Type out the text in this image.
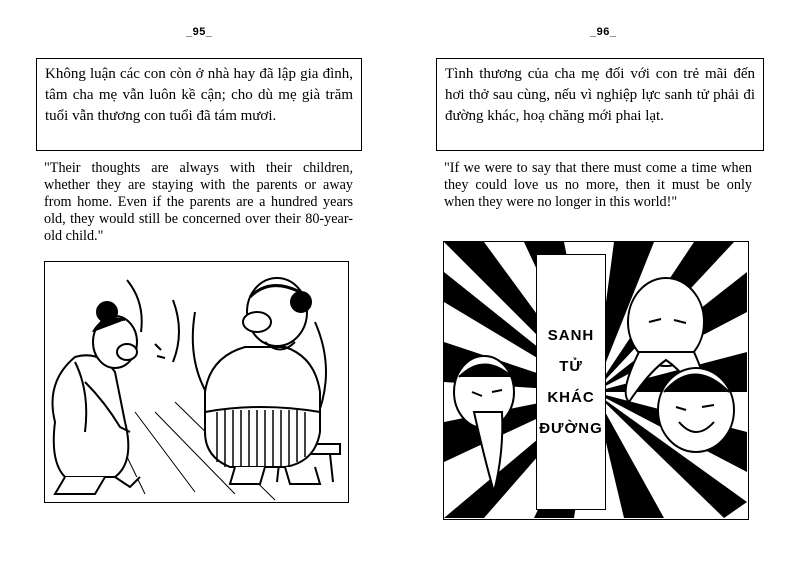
_95_
Không luận các con còn ở nhà hay đã lập gia đình, tâm cha mẹ vẫn luôn kề cận; cho dù mẹ già trăm tuổi vẫn thương con tuổi đã tám mươi.
"Their thoughts are always with their children, whether they are staying with the parents or away from home. Even if the parents are a hundred years old, they would still be concerned over their 80-year-old child."
_96_
Tình thương của cha mẹ đối với con trẻ mãi đến hơi thở sau cùng, nếu vì nghiệp lực sanh tử phải đi đường khác, hoạ chăng mới phai lạt.
"If we were to say that there must come a time when they could love us no more, then it must be only when they were no longer in this world!"
SANH
TỬ
KHÁC
ĐƯỜNG
